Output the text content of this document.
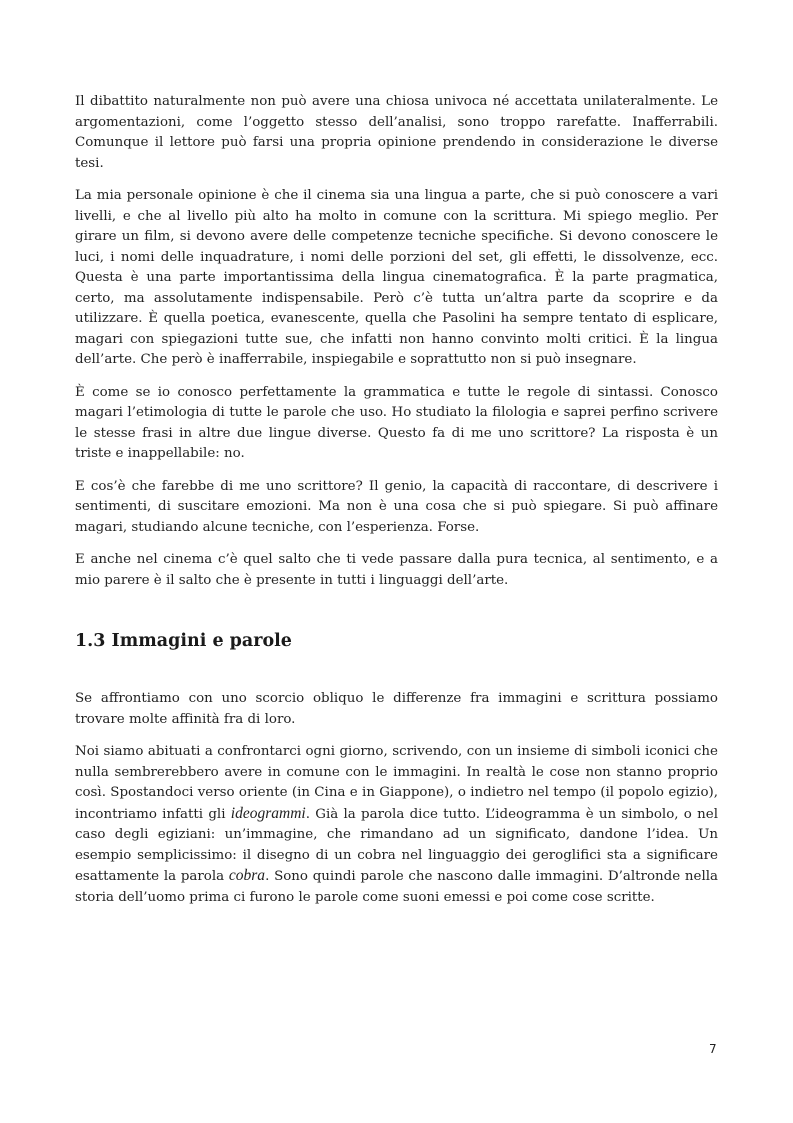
Il dibattito naturalmente non può avere una chiosa univoca né accettata unilateralmente. Le argomentazioni, come l’oggetto stesso dell’analisi, sono troppo rarefatte. Inafferrabili. Comunque il lettore può farsi una propria opinione prendendo in considerazione le diverse tesi.

La mia personale opinione è che il cinema sia una lingua a parte, che si può conoscere a vari livelli, e che al livello più alto ha molto in comune con la scrittura. Mi spiego meglio. Per girare un film, si devono avere delle competenze tecniche specifiche. Si devono conoscere le luci, i nomi delle inquadrature, i nomi delle porzioni del set, gli effetti, le dissolvenze, ecc. Questa è una parte importantissima della lingua cinematografica. È la parte pragmatica, certo, ma assolutamente indispensabile. Però c’è tutta un’altra parte da scoprire e da utilizzare. È quella poetica, evanescente, quella che Pasolini ha sempre tentato di esplicare, magari con spiegazioni tutte sue, che infatti non hanno convinto molti critici. È la lingua dell’arte. Che però è inafferrabile, inspiegabile e soprattutto non si può insegnare.

È come se io conosco perfettamente la grammatica e tutte le regole di sintassi. Conosco magari l’etimologia di tutte le parole che uso. Ho studiato la filologia e saprei perfino scrivere le stesse frasi in altre due lingue diverse. Questo fa di me uno scrittore? La risposta è un triste e inappellabile: no.

E cos’è che farebbe di me uno scrittore? Il genio, la capacità di raccontare, di descrivere i sentimenti, di suscitare emozioni. Ma non è una cosa che si può spiegare. Si può affinare magari, studiando alcune tecniche, con l’esperienza. Forse.

E anche nel cinema c’è quel salto che ti vede passare dalla pura tecnica, al sentimento, e a mio parere è il salto che è presente in tutti i linguaggi dell’arte.

1.3 Immagini e parole

Se affrontiamo con uno scorcio obliquo le differenze fra immagini e scrittura possiamo trovare molte affinità fra di loro.

Noi siamo abituati a confrontarci ogni giorno, scrivendo, con un insieme di simboli iconici che nulla sembrerebbero avere in comune con le immagini. In realtà le cose non stanno proprio così. Spostandoci verso oriente (in Cina e in Giappone), o indietro nel tempo (il popolo egizio), incontriamo infatti gli ideogrammi. Già la parola dice tutto. L’ideogramma è un simbolo, o nel caso degli egiziani: un’immagine, che rimandano ad un significato, dandone l’idea. Un esempio semplicissimo: il disegno di un cobra nel linguaggio dei geroglifici sta a significare esattamente la parola cobra. Sono quindi parole che nascono dalle immagini. D’altronde nella storia dell’uomo prima ci furono le parole come suoni emessi e poi come cose scritte.

7
